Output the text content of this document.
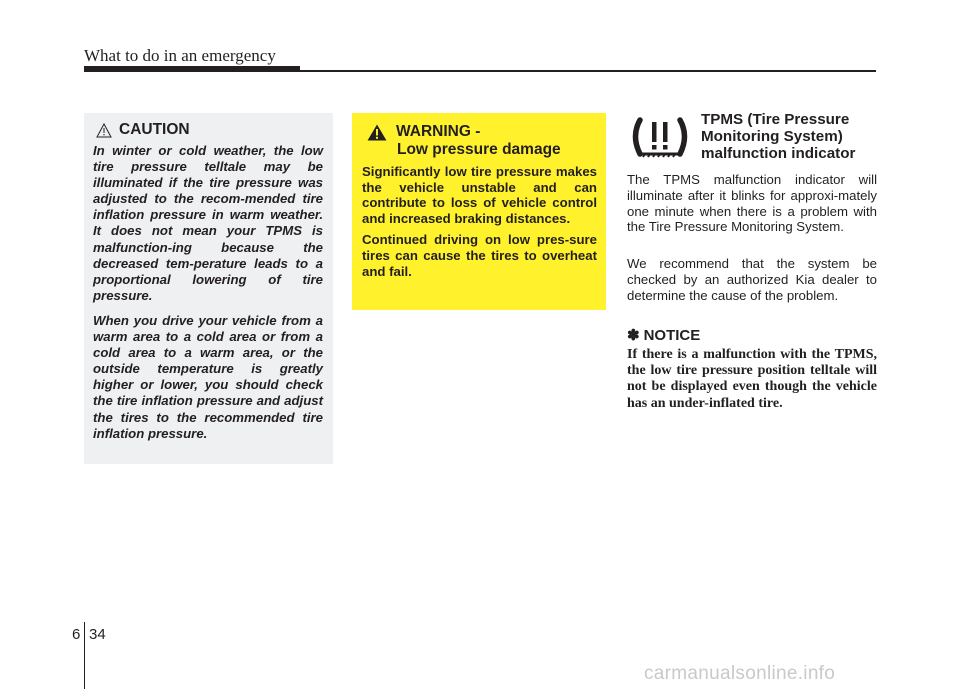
What to do in an emergency
CAUTION

In winter or cold weather, the low tire pressure telltale may be illuminated if the tire pressure was adjusted to the recom-mended tire inflation pressure in warm weather. It does not mean your TPMS is malfunction-ing because the decreased tem-perature leads to a proportional lowering of tire pressure.

When you drive your vehicle from a warm area to a cold area or from a cold area to a warm area, or the outside temperature is greatly higher or lower, you should check the tire inflation pressure and adjust the tires to the recommended tire inflation pressure.

WARNING -
Low pressure damage

Significantly low tire pressure makes the vehicle unstable and can contribute to loss of vehicle control and increased braking distances.

Continued driving on low pres-sure tires can cause the tires to overheat and fail.

TPMS (Tire Pressure Monitoring System) malfunction indicator

The TPMS malfunction indicator will illuminate after it blinks for approxi-mately one minute when there is a problem with the Tire Pressure Monitoring System.

We recommend that the system be checked by an authorized Kia dealer to determine the cause of the problem.

✽ NOTICE

If there is a malfunction with the TPMS, the low tire pressure position telltale will not be displayed even though the vehicle has an under-inflated tire.

6 34
carmanualsonline.info
